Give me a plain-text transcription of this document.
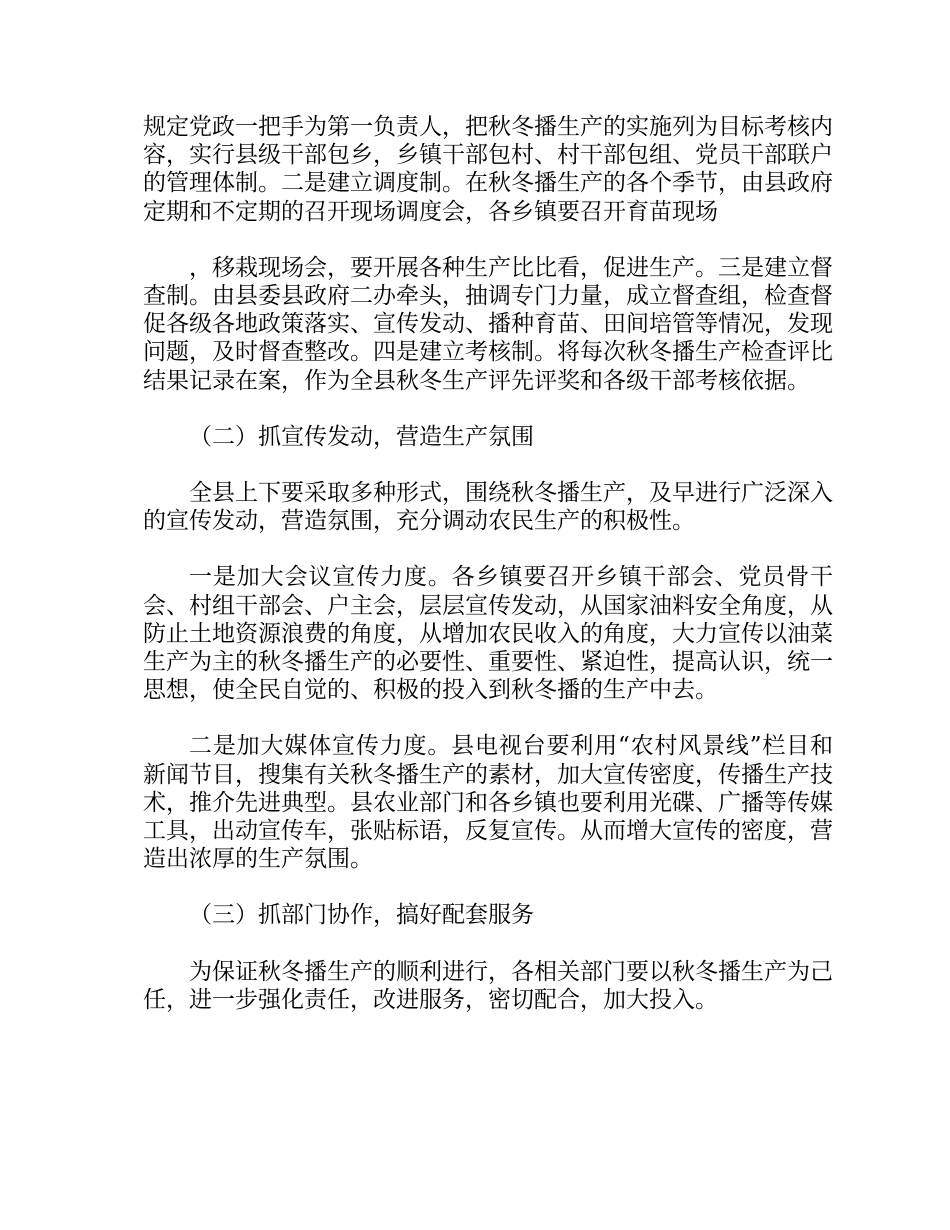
规定党政一把手为第一负责人，把秋冬播生产的实施列为目标考核内容，实行县级干部包乡，乡镇干部包村、村干部包组、党员干部联户的管理体制。二是建立调度制。在秋冬播生产的各个季节，由县政府定期和不定期的召开现场调度会，各乡镇要召开育苗现场

，移栽现场会，要开展各种生产比比看，促进生产。三是建立督查制。由县委县政府二办牵头，抽调专门力量，成立督查组，检查督促各级各地政策落实、宣传发动、播种育苗、田间培管等情况，发现问题，及时督查整改。四是建立考核制。将每次秋冬播生产检查评比结果记录在案，作为全县秋冬生产评先评奖和各级干部考核依据。

（二）抓宣传发动，营造生产氛围

全县上下要采取多种形式，围绕秋冬播生产，及早进行广泛深入的宣传发动，营造氛围，充分调动农民生产的积极性。

一是加大会议宣传力度。各乡镇要召开乡镇干部会、党员骨干会、村组干部会、户主会，层层宣传发动，从国家油料安全角度，从防止土地资源浪费的角度，从增加农民收入的角度，大力宣传以油菜生产为主的秋冬播生产的必要性、重要性、紧迫性，提高认识，统一思想，使全民自觉的、积极的投入到秋冬播的生产中去。

二是加大媒体宣传力度。县电视台要利用“农村风景线”栏目和新闻节目，搜集有关秋冬播生产的素材，加大宣传密度，传播生产技术，推介先进典型。县农业部门和各乡镇也要利用光碟、广播等传媒工具，出动宣传车，张贴标语，反复宣传。从而增大宣传的密度，营造出浓厚的生产氛围。

（三）抓部门协作，搞好配套服务

为保证秋冬播生产的顺利进行，各相关部门要以秋冬播生产为己任，进一步强化责任，改进服务，密切配合，加大投入。
